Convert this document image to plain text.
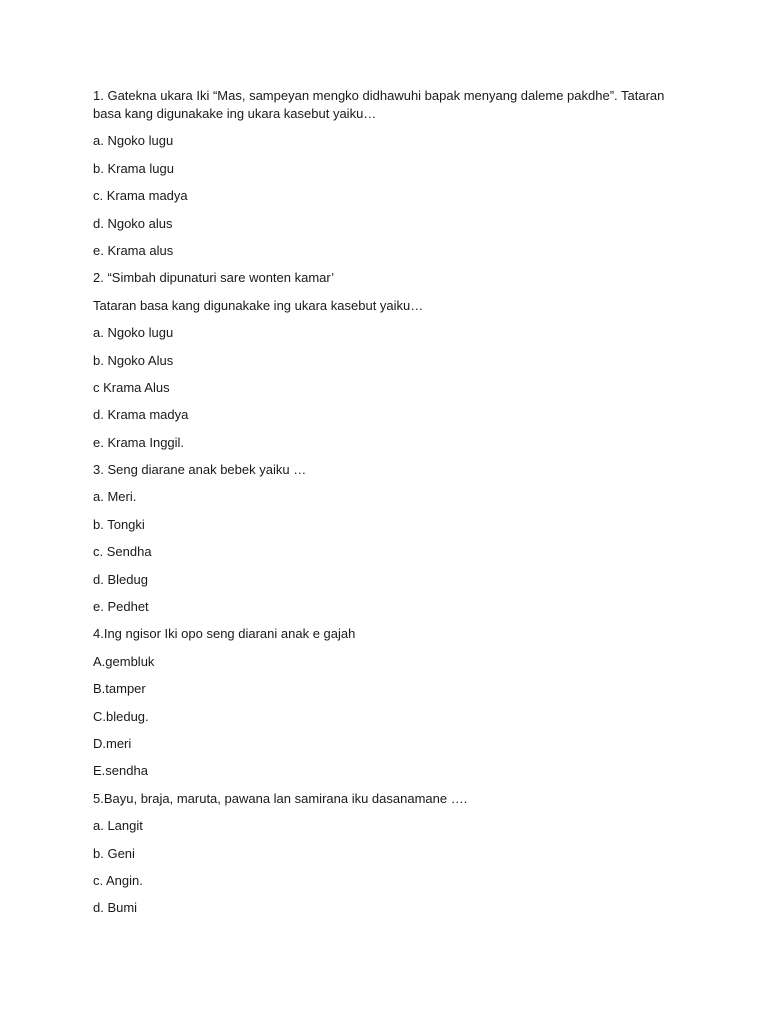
1. Gatekna ukara Iki “Mas, sampeyan mengko didhawuhi bapak menyang daleme pakdhe”. Tataran basa kang digunakake ing ukara kasebut yaiku…
a. Ngoko lugu
b. Krama lugu
c. Krama madya
d. Ngoko alus
e. Krama alus
2. “Simbah dipunaturi sare wonten kamar’
Tataran basa kang digunakake ing ukara kasebut yaiku…
a. Ngoko lugu
b. Ngoko Alus
c Krama Alus
d. Krama madya
e. Krama Inggil.
3. Seng diarane anak bebek yaiku …
a. Meri.
b. Tongki
c. Sendha
d. Bledug
e. Pedhet
4.Ing ngisor Iki opo seng diarani anak e gajah
A.gembluk
B.tamper
C.bledug.
D.meri
E.sendha
5.Bayu, braja, maruta, pawana lan samirana iku dasanamane ….
a. Langit
b. Geni
c. Angin.
d. Bumi
